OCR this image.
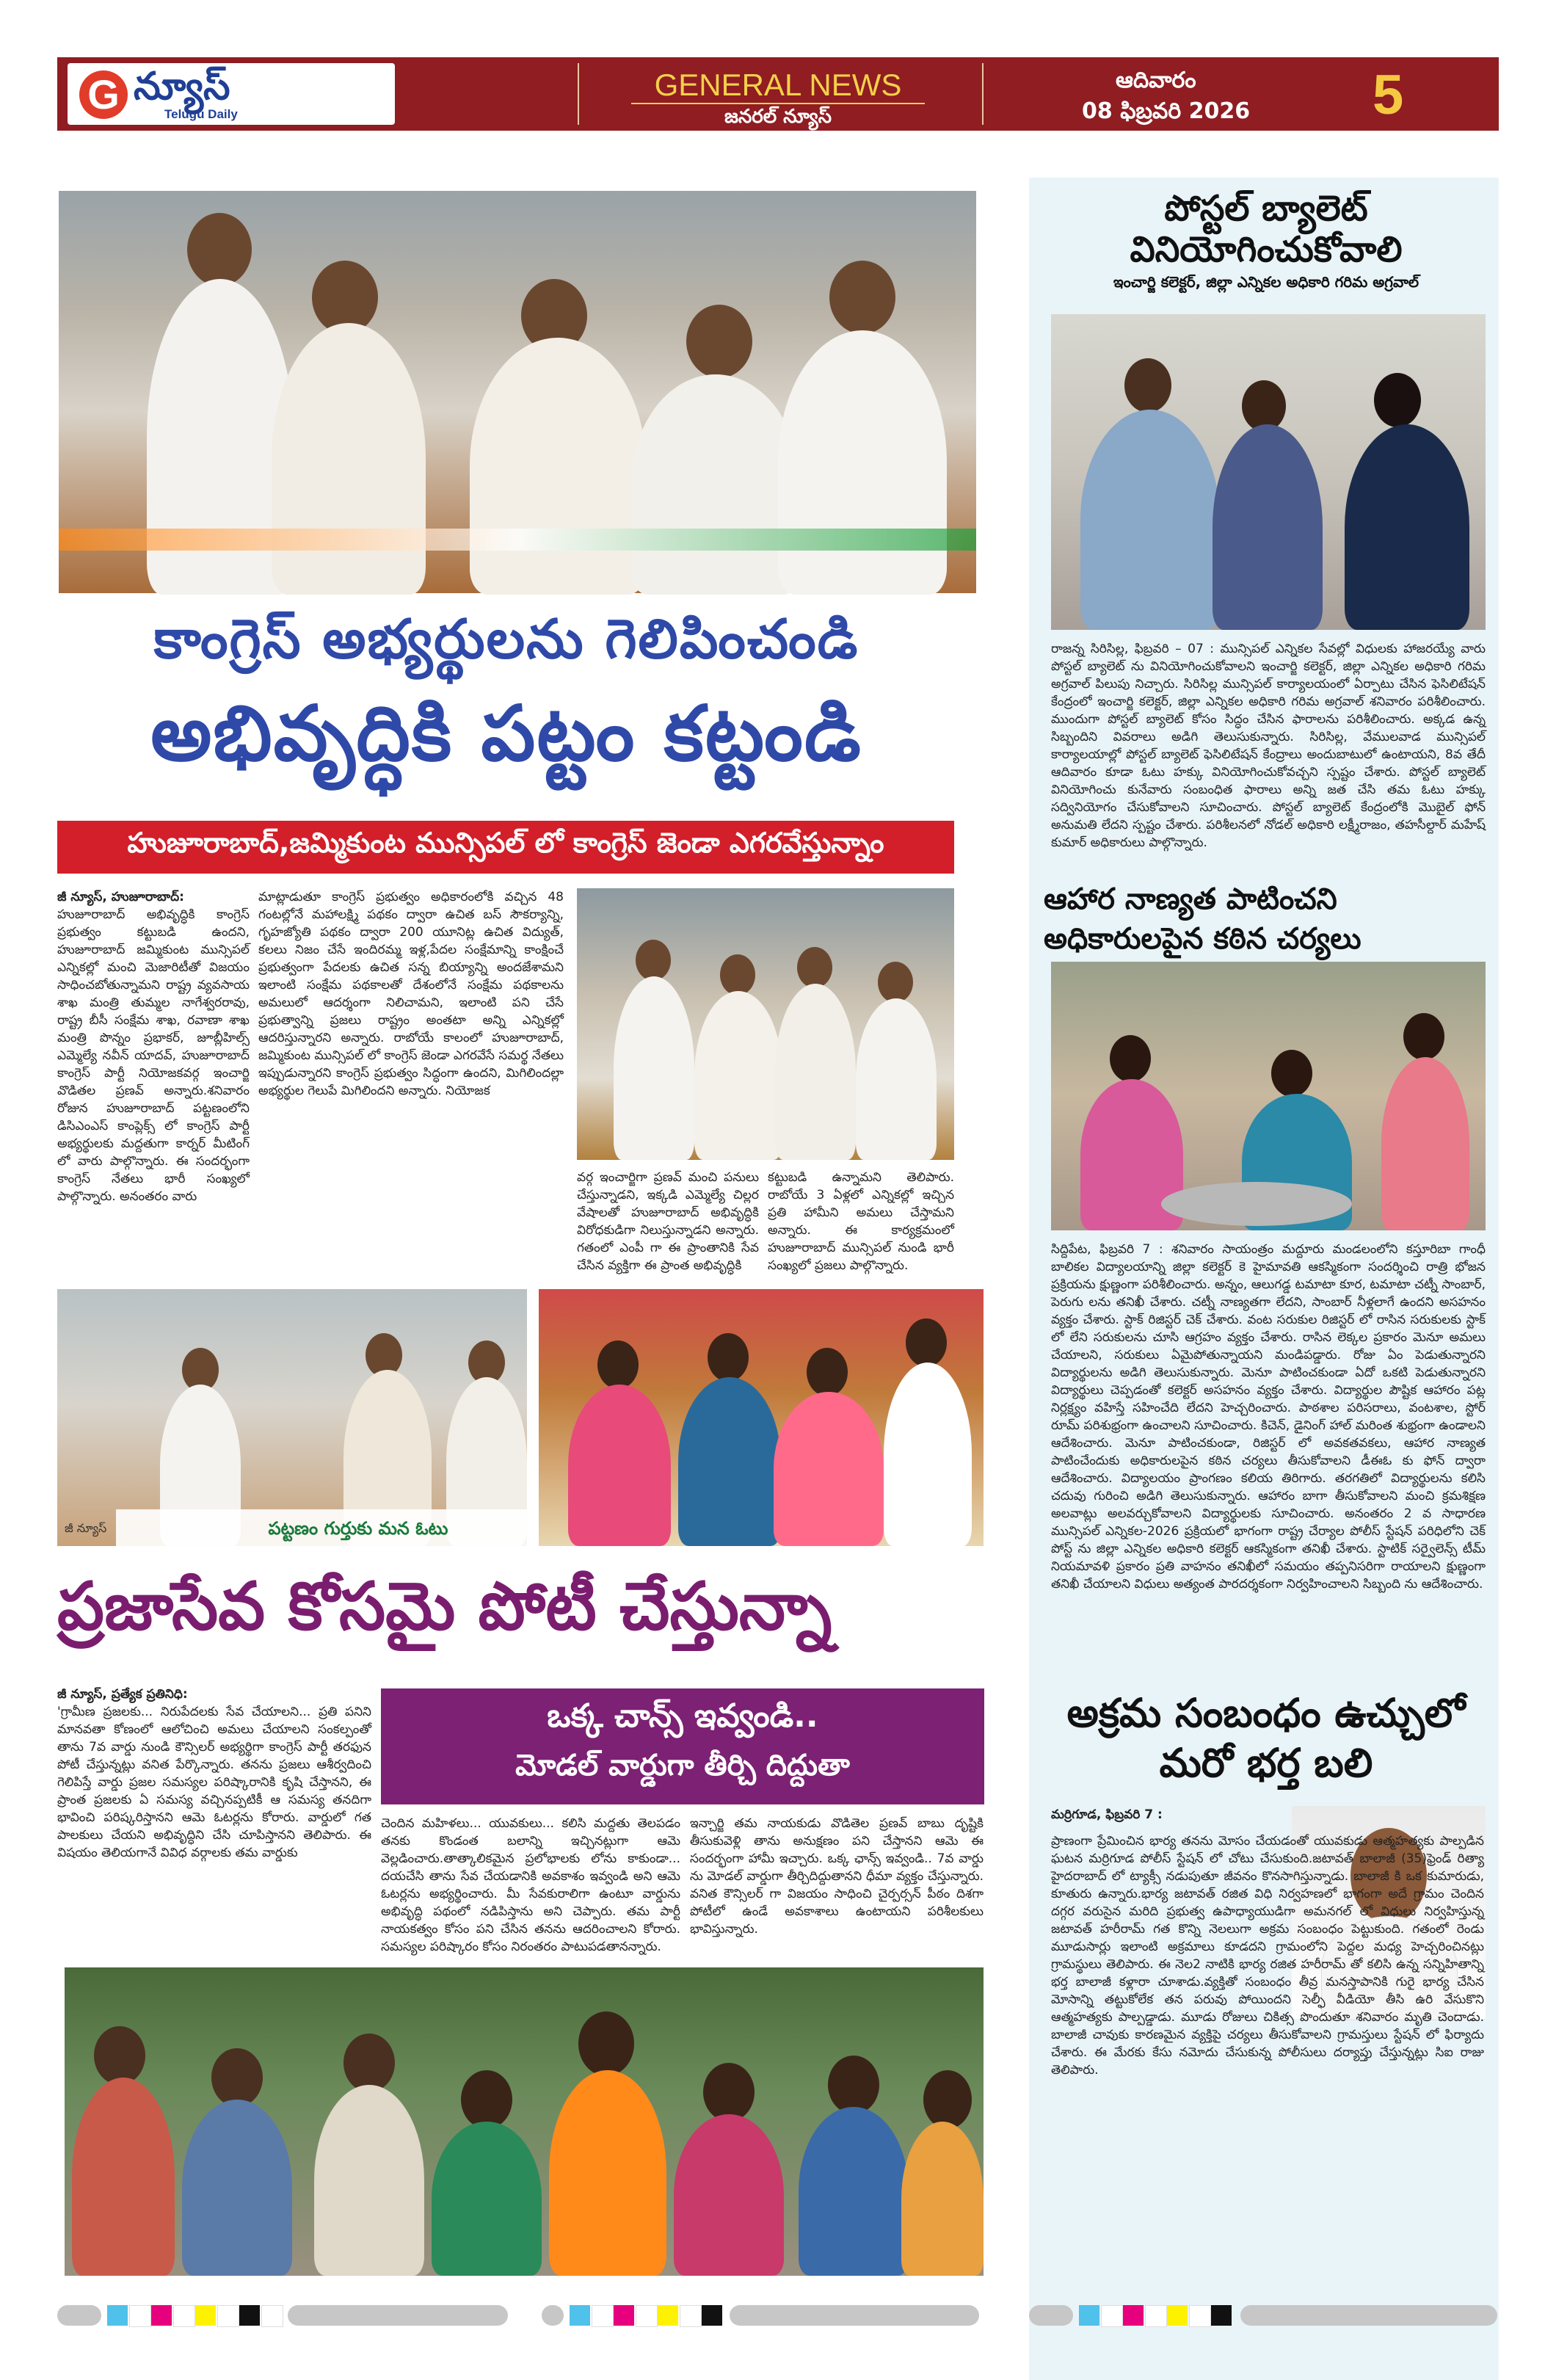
G న్యూస్
Telugu Daily
GENERAL NEWS
జనరల్ న్యూస్
ఆదివారం
08 ఫిబ్రవరి 2026 5
కాంగ్రెస్ అభ్యర్థులను గెలిపించండి
అభివృద్ధికి పట్టం కట్టండి
హుజూరాబాద్,జమ్మికుంట మున్సిపల్ లో కాంగ్రెస్ జెండా ఎగరవేస్తున్నాం
జీ న్యూస్, హుజూరాబాద్:
హుజూరాబాద్ అభివృద్ధికి కాంగ్రెస్ ప్రభుత్వం కట్టుబడి ఉందని, హుజూరాబాద్ జమ్మికుంట మున్సిపల్ ఎన్నికల్లో మంచి మెజారిటీతో విజయం సాధించబోతున్నామని రాష్ట్ర వ్యవసాయ శాఖ మంత్రి తుమ్మల నాగేశ్వరరావు, రాష్ట్ర బీసీ సంక్షేమ శాఖ, రవాణా శాఖ మంత్రి పొన్నం ప్రభాకర్, జూబ్లీహిల్స్ ఎమ్మెల్యే నవీన్ యాదవ్, హుజూరాబాద్ కాంగ్రెస్ పార్టీ నియోజకవర్గ ఇంచార్జి వొడితల ప్రణవ్ అన్నారు.శనివారం రోజున హుజూరాబాద్ పట్టణంలోని డిసిఎంఎస్ కాంప్లెక్స్ లో కాంగ్రెస్ పార్టీ అభ్యర్థులకు మద్దతుగా కార్నర్ మీటింగ్ లో వారు పాల్గొన్నారు. ఈ సందర్భంగా కాంగ్రెస్ నేతలు భారీ సంఖ్యలో పాల్గొన్నారు. అనంతరం వారు
మాట్లాడుతూ కాంగ్రెస్ ప్రభుత్వం అధికారంలోకి వచ్చిన 48 గంటల్లోనే మహాలక్ష్మి పథకం ద్వారా ఉచిత బస్ సౌకర్యాన్ని, గృహజ్యోతి పథకం ద్వారా 200 యూనిట్ల ఉచిత విద్యుత్, కలలు నిజం చేసే ఇందిరమ్మ ఇళ్ల,పేదల సంక్షేమాన్ని కాంక్షించే ప్రభుత్వంగా పేదలకు ఉచిత సన్న బియ్యాన్ని అందజేశామని ఇలాంటి సంక్షేమ పథకాలతో దేశంలోనే సంక్షేమ పథకాలను అమలులో ఆదర్శంగా నిలిచామని, ఇలాంటి పని చేసే ప్రభుత్వాన్ని ప్రజలు రాష్ట్రం అంతటా అన్ని ఎన్నికల్లో ఆదరిస్తున్నారని అన్నారు. రాబోయే కాలంలో హుజూరాబాద్, జమ్మికుంట మున్సిపల్ లో కాంగ్రెస్ జెండా ఎగరవేసే సమర్థ నేతలు ఇప్పుడున్నారని కాంగ్రెస్ ప్రభుత్వం సిద్ధంగా ఉందని, మిగిలిందల్లా అభ్యర్థుల గెలుపే మిగిలిందని అన్నారు. నియోజక
వర్గ ఇంచార్జిగా ప్రణవ్ మంచి పనులు చేస్తున్నాడని, ఇక్కడి ఎమ్మెల్యే చిల్లర వేషాలతో హుజూరాబాద్ అభివృద్ధికి విరోధకుడిగా నిలుస్తున్నాడని అన్నారు. గతంలో ఎంపీ గా ఈ ప్రాంతానికి సేవ చేసిన వ్యక్తిగా ఈ ప్రాంత అభివృద్ధికి
కట్టుబడి ఉన్నామని తెలిపారు. రాబోయే 3 ఏళ్లలో ఎన్నికల్లో ఇచ్చిన ప్రతి హామీని అమలు చేస్తామని అన్నారు. ఈ కార్యక్రమంలో హుజూరాబాద్ మున్సిపల్ నుండి భారీ సంఖ్యలో ప్రజలు పాల్గొన్నారు.
పట్టణం గుర్తుకు మన ఓటు
జీ న్యూస్
ప్రజాసేవ కోసమై పోటీ చేస్తున్నా
జీ న్యూస్, ప్రత్యేక ప్రతినిధి:
'గ్రామీణ ప్రజలకు... నిరుపేదలకు సేవ చేయాలని... ప్రతి పనిని మానవతా కోణంలో ఆలోచించి అమలు చేయాలని సంకల్పంతో తాను 7వ వార్డు నుండి కౌన్సిలర్ అభ్యర్థిగా కాంగ్రెస్ పార్టీ తరఫున పోటీ చేస్తున్నట్లు వనిత పేర్కొన్నారు. తనను ప్రజలు ఆశీర్వదించి గెలిపిస్తే వార్డు ప్రజల సమస్యల పరిష్కారానికి కృషి చేస్తానని, ఈ ప్రాంత ప్రజలకు ఏ సమస్య వచ్చినప్పటికీ ఆ సమస్య తనదిగా భావించి పరిష్కరిస్తానని ఆమె ఓటర్లను కోరారు. వార్డులో గత పాలకులు చేయని అభివృద్ధిని చేసి చూపిస్తానని తెలిపారు. ఈ విషయం తెలియగానే వివిధ వర్గాలకు తమ వార్డుకు
ఒక్క చాన్స్ ఇవ్వండి..
మోడల్ వార్డుగా తీర్చి దిద్దుతా
చెందిన మహిళలు... యువకులు... కలిసి మద్దతు తెలపడం తనకు కొండంత బలాన్ని ఇచ్చినట్లుగా ఆమె వెల్లడించారు.తాత్కాలికమైన ప్రలోభాలకు లోను కాకుండా... దయచేసి తాను సేవ చేయడానికి అవకాశం ఇవ్వండి అని ఆమె ఓటర్లను అభ్యర్థించారు. మీ సేవకురాలిగా ఉంటూ వార్డును అభివృద్ధి పథంలో నడిపిస్తాను అని చెప్పారు. తమ పార్టీ నాయకత్వం కోసం పని చేసిన తనను ఆదరించాలని కోరారు. సమస్యల పరిష్కారం కోసం నిరంతరం పాటుపడతానన్నారు.
ఇన్చార్జి తమ నాయకుడు వొడితెల ప్రణవ్ బాబు దృష్టికి తీసుకువెళ్లి తాను అనుక్షణం పని చేస్తానని ఆమె ఈ సందర్భంగా హామీ ఇచ్చారు. ఒక్క ఛాన్స్ ఇవ్వండి.. 7వ వార్డు ను మోడల్ వార్డుగా తీర్చిదిద్దుతానని ధీమా వ్యక్తం చేస్తున్నారు. వనిత కౌన్సిలర్ గా విజయం సాధించి చైర్పర్సన్ పీఠం దిశగా పోటీలో ఉండే అవకాశాలు ఉంటాయని పరిశీలకులు భావిస్తున్నారు.
పోస్టల్ బ్యాలెట్ వినియోగించుకోవాలి
ఇంచార్జి కలెక్టర్, జిల్లా ఎన్నికల అధికారి గరిమ అగ్రవాల్
రాజన్న సిరిసిల్ల, ఫిబ్రవరి – 07 : మున్సిపల్ ఎన్నికల సేవల్లో విధులకు హాజరయ్యే వారు పోస్టల్ బ్యాలెట్ ను వినియోగించుకోవాలని ఇంచార్జి కలెక్టర్, జిల్లా ఎన్నికల అధికారి గరిమ అగ్రవాల్ పిలుపు నిచ్చారు. సిరిసిల్ల మున్సిపల్ కార్యాలయంలో ఏర్పాటు చేసిన ఫెసిలిటేషన్ కేంద్రంలో ఇంచార్జి కలెక్టర్, జిల్లా ఎన్నికల అధికారి గరిమ అగ్రవాల్ శనివారం పరిశీలించారు. ముందుగా పోస్టల్ బ్యాలెట్ కోసం సిద్ధం చేసిన ఫారాలను పరిశీలించారు. అక్కడ ఉన్న సిబ్బందిని వివరాలు అడిగి తెలుసుకున్నారు. సిరిసిల్ల, వేములవాడ మున్సిపల్ కార్యాలయాల్లో పోస్టల్ బ్యాలెట్ ఫెసిలిటేషన్ కేంద్రాలు అందుబాటులో ఉంటాయని, 8వ తేదీ ఆదివారం కూడా ఓటు హక్కు వినియోగించుకోవచ్చని స్పష్టం చేశారు. పోస్టల్ బ్యాలెట్ వినియోగించు కునేవారు సంబంధిత ఫారాలు అన్ని జత చేసి తమ ఓటు హక్కు సద్వినియోగం చేసుకోవాలని సూచించారు. పోస్టల్ బ్యాలెట్ కేంద్రంలోకి మొబైల్ ఫోన్ అనుమతి లేదని స్పష్టం చేశారు. పరిశీలనలో నోడల్ అధికారి లక్ష్మీరాజం, తహసీల్దార్ మహేష్ కుమార్ అధికారులు పాల్గొన్నారు.
ఆహార నాణ్యత పాటించని అధికారులపైన కఠిన చర్యలు
సిద్దిపేట, ఫిబ్రవరి 7 : శనివారం సాయంత్రం మద్దూరు మండలంలోని కస్తూరిబా గాంధీ బాలికల విద్యాలయాన్ని జిల్లా కలెక్టర్ కె హైమావతి ఆకస్మికంగా సందర్శించి రాత్రి భోజన ప్రక్రియను క్షుణ్ణంగా పరిశీలించారు. అన్నం, ఆలుగడ్డ టమాటా కూర, టమాటా చట్నీ సాంబార్, పెరుగు లను తనిఖీ చేశారు. చట్నీ నాణ్యతగా లేదని, సాంబార్ నీళ్లలాగే ఉందని అసహనం వ్యక్తం చేశారు. స్టాక్ రిజిస్టర్ చెక్ చేశారు. వంట సరుకుల రిజిస్టర్ లో రాసిన సరుకులకు స్టాక్ లో లేని సరుకులను చూసి ఆగ్రహం వ్యక్తం చేశారు. రాసిన లెక్కల ప్రకారం మెనూ అమలు చేయాలని, సరుకులు ఏమైపోతున్నాయని మండిపడ్డారు. రోజు ఏం పెడుతున్నారని విద్యార్థులను అడిగి తెలుసుకున్నారు. మెనూ పాటించకుండా ఏదో ఒకటి పెడుతున్నారని విద్యార్థులు చెప్పడంతో కలెక్టర్ అసహనం వ్యక్తం చేశారు. విద్యార్థుల పౌష్టిక ఆహారం పట్ల నిర్లక్ష్యం వహిస్తే సహించేది లేదని హెచ్చరించారు. పాఠశాల పరిసరాలు, వంటశాల, స్టోర్ రూమ్ పరిశుభ్రంగా ఉంచాలని సూచించారు. కిచెన్, డైనింగ్ హాల్ మరింత శుభ్రంగా ఉండాలని ఆదేశించారు. మెనూ పాటించకుండా, రిజిస్టర్ లో అవకతవకలు, ఆహార నాణ్యత పాటించేందుకు అధికారులపైన కఠిన చర్యలు తీసుకోవాలని డీఈఓ కు ఫోన్ ద్వారా ఆదేశించారు. విద్యాలయం ప్రాంగణం కలియ తిరిగారు. తరగతిలో విద్యార్థులను కలిసి చదువు గురించి అడిగి తెలుసుకున్నారు. ఆహారం బాగా తీసుకోవాలని మంచి క్రమశిక్షణ అలవాట్లు అలవర్చుకోవాలని విద్యార్థులకు సూచించారు. అనంతరం 2 వ సాధారణ మున్సిపల్ ఎన్నికల-2026 ప్రక్రియలో భాగంగా రాష్ట్ర చేర్యాల పోలీస్ స్టేషన్ పరిధిలోని చెక్ పోస్ట్ ను జిల్లా ఎన్నికల అధికారి కలెక్టర్ ఆకస్మికంగా తనిఖీ చేశారు. స్టాటిక్ సర్వైలెన్స్ టీమ్ నియమావళి ప్రకారం ప్రతి వాహనం తనిఖీలో సమయం తప్పనిసరిగా రాయాలని క్షుణ్ణంగా తనిఖీ చేయాలని విధులు అత్యంత పారదర్శకంగా నిర్వహించాలని సిబ్బంది ను ఆదేశించారు.
అక్రమ సంబంధం ఉచ్చులో మరో భర్త బలి
మర్రిగూడ, ఫిబ్రవరి 7 :
ప్రాణంగా ప్రేమించిన భార్య తనను మోసం చేయడంతో యువకుడు ఆత్మహత్యకు పాల్పడిన ఘటన మర్రిగూడ పోలీస్ స్టేషన్ లో చోటు చేసుకుంది.జటావత్ బాలాజీ (35)ఫ్రెండ్ రిత్యా హైదరాబాద్ లో ట్యాక్సీ నడుపుతూ జీవనం కొనసాగిస్తున్నాడు. బాలాజీ కి ఒక కుమారుడు, కూతురు ఉన్నారు.భార్య జటావత్ రజిత విధి నిర్వహణలో భాగంగా అదే గ్రామం చెందిన దగ్గర వరుసైన మరిది ప్రభుత్వ ఉపాధ్యాయుడిగా అమనగల్ లో విధులు నిర్వహిస్తున్న జటావత్ హరీరామ్ గత కొన్ని నెలలుగా అక్రమ సంబంధం పెట్టుకుంది. గతంలో రెండు మూడుసార్లు ఇలాంటి అక్రమాలు కూడదని గ్రామంలోని పెద్దల మధ్య హెచ్చరించినట్లు గ్రామస్థులు తెలిపారు. ఈ నెల2 నాటికి భార్య రజిత హరీరామ్ తో కలిసి ఉన్న సన్నిహితాన్ని భర్త బాలాజీ కళ్లారా చూశాడు.వ్యక్తితో సంబంధం తీవ్ర మనస్తాపానికి గురై భార్య చేసిన మోసాన్ని తట్టుకోలేక తన పరువు పోయిందని సెల్ఫీ వీడియో తీసి ఉరి వేసుకొని ఆత్మహత్యకు పాల్పడ్డాడు. మూడు రోజులు చికిత్స పొందుతూ శనివారం మృతి చెందాడు. బాలాజీ చావుకు కారణమైన వ్యక్తిపై చర్యలు తీసుకోవాలని గ్రామస్తులు స్టేషన్ లో ఫిర్యాదు చేశారు. ఈ మేరకు కేసు నమోదు చేసుకున్న పోలీసులు దర్యాప్తు చేస్తున్నట్లు సిఐ రాజు తెలిపారు.
